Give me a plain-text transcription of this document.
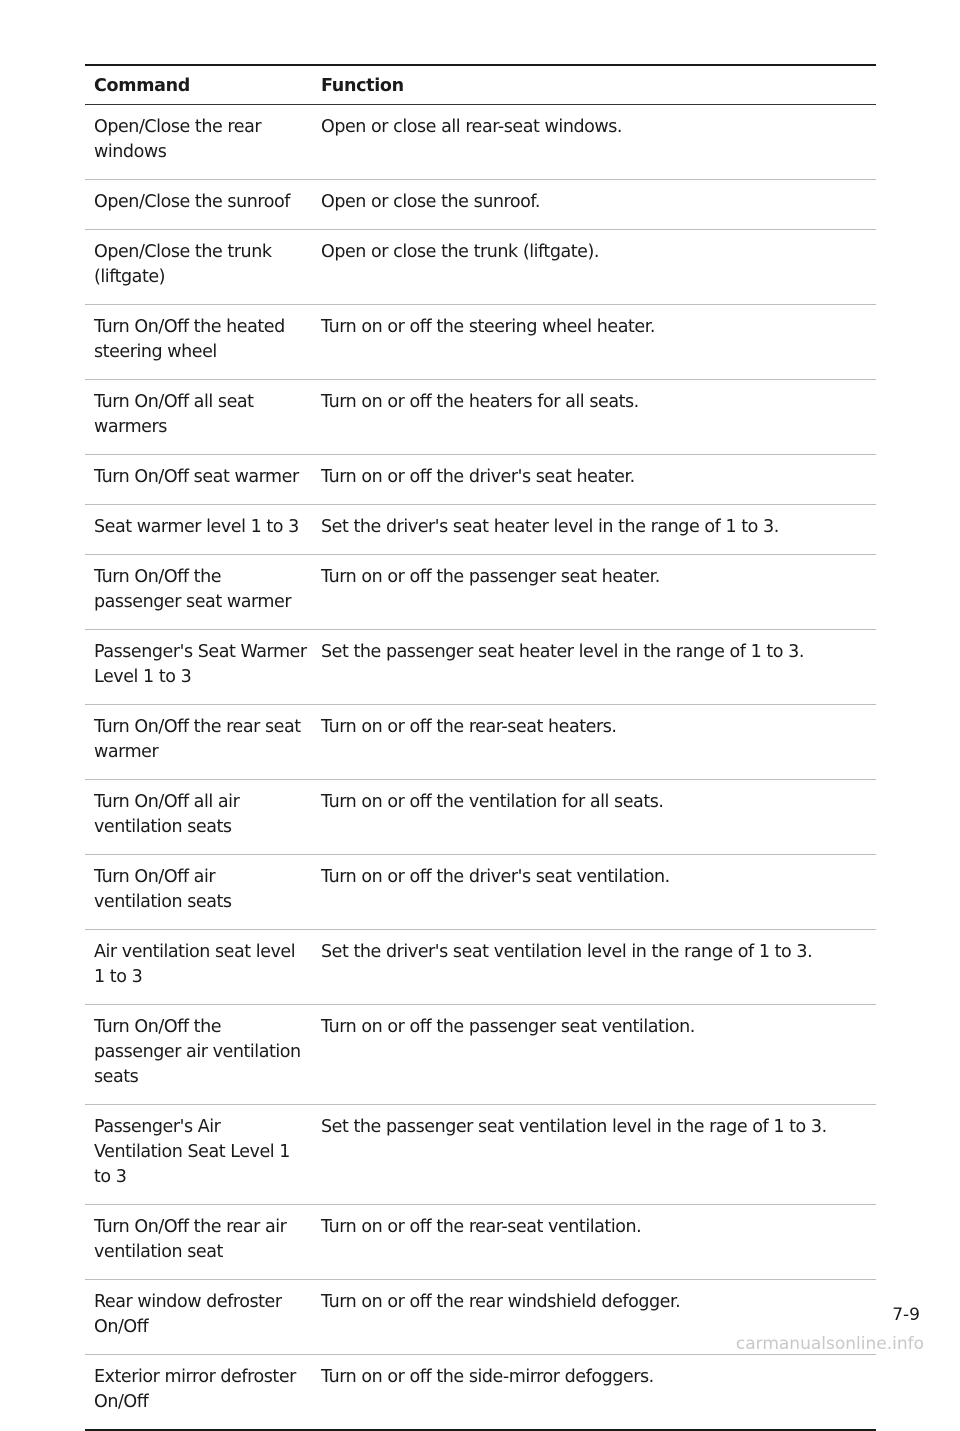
Command	Function
Open/Close the rear windows	Open or close all rear-seat windows.
Open/Close the sunroof	Open or close the sunroof.
Open/Close the trunk (liftgate)	Open or close the trunk (liftgate).
Turn On/Off the heated steering wheel	Turn on or off the steering wheel heater.
Turn On/Off all seat warmers	Turn on or off the heaters for all seats.
Turn On/Off seat warmer	Turn on or off the driver's seat heater.
Seat warmer level 1 to 3	Set the driver's seat heater level in the range of 1 to 3.
Turn On/Off the passenger seat warmer	Turn on or off the passenger seat heater.
Passenger's Seat Warmer Level 1 to 3	Set the passenger seat heater level in the range of 1 to 3.
Turn On/Off the rear seat warmer	Turn on or off the rear-seat heaters.
Turn On/Off all air ventilation seats	Turn on or off the ventilation for all seats.
Turn On/Off air ventilation seats	Turn on or off the driver's seat ventilation.
Air ventilation seat level 1 to 3	Set the driver's seat ventilation level in the range of 1 to 3.
Turn On/Off the passenger air ventilation seats	Turn on or off the passenger seat ventilation.
Passenger's Air Ventilation Seat Level 1 to 3	Set the passenger seat ventilation level in the rage of 1 to 3.
Turn On/Off the rear air ventilation seat	Turn on or off the rear-seat ventilation.
Rear window defroster On/Off	Turn on or off the rear windshield defogger.
Exterior mirror defroster On/Off	Turn on or off the side-mirror defoggers.
7-9
carmanualsonline.info
